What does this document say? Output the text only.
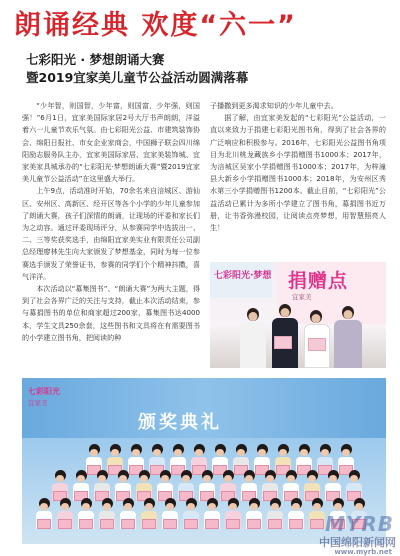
朗诵经典 欢度“六一”
七彩阳光 · 梦想朗诵大赛
暨2019宜家美儿童节公益活动圆满落幕

“少年智，则国智，少年富，则国富，少年强，则国强！”6月1日，宜家美国际家居2号大厅书声朗朗，洋溢着六一儿童节欢乐气氛。由七彩阳光公益、市建筑装饰协会、绵阳日报社、市女企业家商会，中国狮子联会四川绵阳励志服务队主办，宜家美国际家居、宜家美装饰城、宜家美家具城承办的“七彩阳光·梦想朗诵大赛”暨2019宜家美儿童节公益活动”在这里盛大举行。

上午9点，活动准时开始，70余名来自涪城区、游仙区、安州区、高新区、经开区等各个小学的少年儿童参加了朗诵大赛，孩子们深情的朗诵，让现场的评委和家长们为之动容。通过评委现场评分，从参赛同学中选拔出一、二、三等奖获奖选手，由绵阳宜家美实业有限责任公司副总经理廖林先生向大家颁发了梦想基金，同时为每一位参赛选手颁发了荣誉证书，参赛的同学们个个精神抖擞，喜气洋洋。

本次活动以“募集图书”、“朗诵大赛”为两大主题，得到了社会各界广泛的关注与支持，截止本次活动结束，参与募捐图书的单位和商家超过200家，募集图书达4000本，学生文具250余套，这些图书和文具将在有需要图书的小学建立图书角，把阅读的种

子播撒到更多渴求知识的少年儿童中去。

据了解，由宜家美发起的“七彩阳光”公益活动，一直以来致力于捐建七彩阳光图书角，得到了社会各界的广泛响应和积极参与。2016年，七彩阳光公益图书角项目为北川桃龙藏族乡小学捐赠图书1000本；2017年，为涪城区吴家小学捐赠图书1000本；2017年，为梓潼县大新乡小学捐赠图书1000本；2018年，为安州区秀水第三小学捐赠图书1200本。截止目前，“七彩阳光”公益活动已累计为多所小学建立了图书角，募捐图书近万册，让书香弥漫校园，让阅读点亮梦想，用智慧照亮人生！

七彩阳光·梦想 捐赠点
宜家美
七彩阳光
宜家美
颁奖典礼
MYRB
中国绵阳新闻网
www.myrb.net
